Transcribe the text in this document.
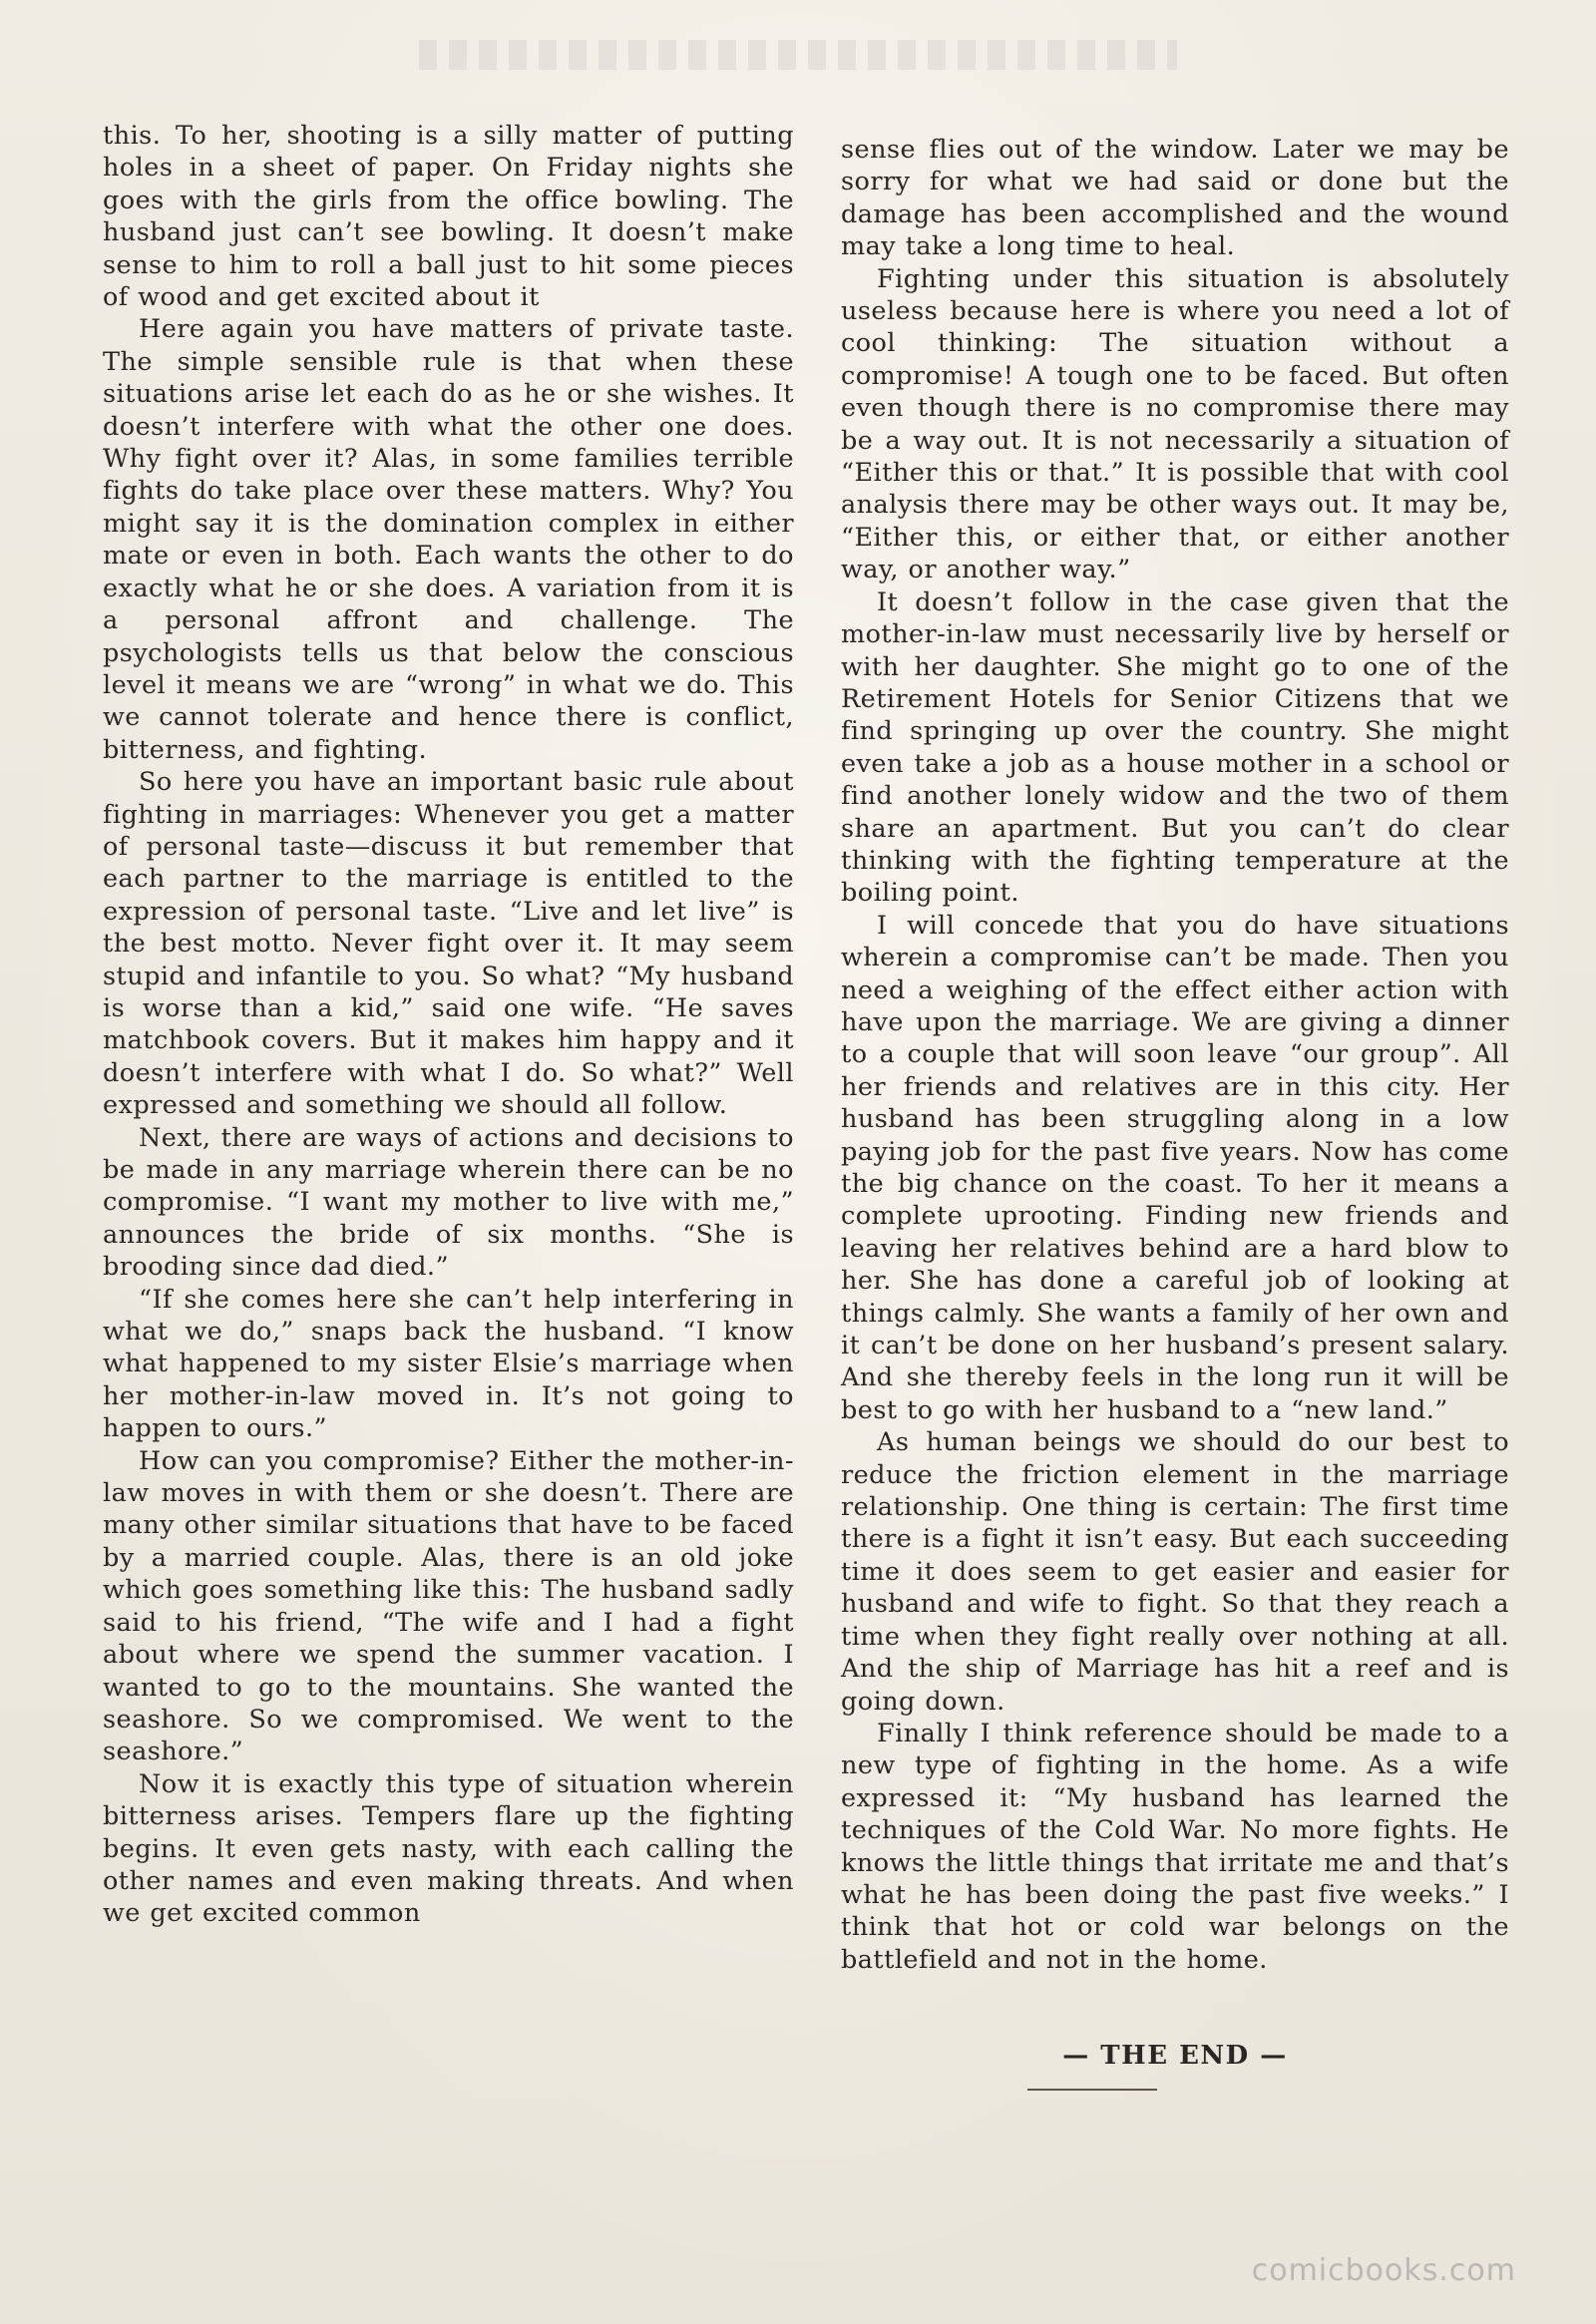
this. To her, shooting is a silly matter of putting holes in a sheet of paper. On Friday nights she goes with the girls from the office bowling. The husband just can’t see bowling. It doesn’t make sense to him to roll a ball just to hit some pieces of wood and get excited about it

Here again you have matters of private taste. The simple sensible rule is that when these situations arise let each do as he or she wishes. It doesn’t interfere with what the other one does. Why fight over it? Alas, in some families terrible fights do take place over these matters. Why? You might say it is the domination complex in either mate or even in both. Each wants the other to do exactly what he or she does. A variation from it is a personal affront and challenge. The psychologists tells us that below the conscious level it means we are “wrong” in what we do. This we cannot tolerate and hence there is conflict, bitterness, and fighting.

So here you have an important basic rule about fighting in marriages: Whenever you get a matter of personal taste—discuss it but remember that each partner to the marriage is entitled to the expression of personal taste. “Live and let live” is the best motto. Never fight over it. It may seem stupid and infantile to you. So what? “My husband is worse than a kid,” said one wife. “He saves matchbook covers. But it makes him happy and it doesn’t interfere with what I do. So what?” Well expressed and something we should all follow.

Next, there are ways of actions and decisions to be made in any marriage wherein there can be no compromise. “I want my mother to live with me,” announces the bride of six months. “She is brooding since dad died.”

“If she comes here she can’t help interfering in what we do,” snaps back the husband. “I know what happened to my sister Elsie’s marriage when her mother-in-law moved in. It’s not going to happen to ours.”

How can you compromise? Either the mother-in-law moves in with them or she doesn’t. There are many other similar situations that have to be faced by a married couple. Alas, there is an old joke which goes something like this: The husband sadly said to his friend, “The wife and I had a fight about where we spend the summer vacation. I wanted to go to the mountains. She wanted the seashore. So we compromised. We went to the seashore.”

Now it is exactly this type of situation wherein bitterness arises. Tempers flare up the fighting begins. It even gets nasty, with each calling the other names and even making threats. And when we get excited common

sense flies out of the window. Later we may be sorry for what we had said or done but the damage has been accomplished and the wound may take a long time to heal.

Fighting under this situation is absolutely useless because here is where you need a lot of cool thinking: The situation without a compromise! A tough one to be faced. But often even though there is no compromise there may be a way out. It is not necessarily a situation of “Either this or that.” It is possible that with cool analysis there may be other ways out. It may be, “Either this, or either that, or either another way, or another way.”

It doesn’t follow in the case given that the mother-in-law must necessarily live by herself or with her daughter. She might go to one of the Retirement Hotels for Senior Citizens that we find springing up over the country. She might even take a job as a house mother in a school or find another lonely widow and the two of them share an apartment. But you can’t do clear thinking with the fighting temperature at the boiling point.

I will concede that you do have situations wherein a compromise can’t be made. Then you need a weighing of the effect either action with have upon the marriage. We are giving a dinner to a couple that will soon leave “our group”. All her friends and relatives are in this city. Her husband has been struggling along in a low paying job for the past five years. Now has come the big chance on the coast. To her it means a complete uprooting. Finding new friends and leaving her relatives behind are a hard blow to her. She has done a careful job of looking at things calmly. She wants a family of her own and it can’t be done on her husband’s present salary. And she thereby feels in the long run it will be best to go with her husband to a “new land.”

As human beings we should do our best to reduce the friction element in the marriage relationship. One thing is certain: The first time there is a fight it isn’t easy. But each succeeding time it does seem to get easier and easier for husband and wife to fight. So that they reach a time when they fight really over nothing at all. And the ship of Marriage has hit a reef and is going down.

Finally I think reference should be made to a new type of fighting in the home. As a wife expressed it: “My husband has learned the techniques of the Cold War. No more fights. He knows the little things that irritate me and that’s what he has been doing the past five weeks.” I think that hot or cold war belongs on the battlefield and not in the home.

— THE END —
comicbooks.com
